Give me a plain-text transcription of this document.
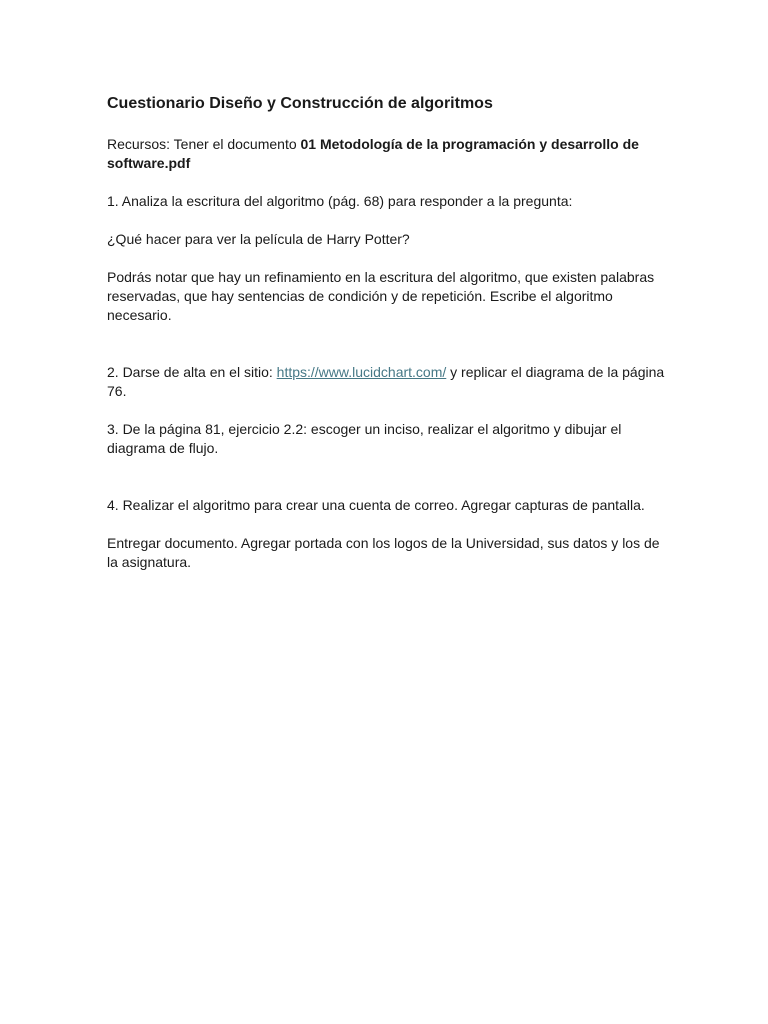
Cuestionario Diseño y Construcción de algoritmos

Recursos: Tener el documento 01 Metodología de la programación y desarrollo de software.pdf

1. Analiza la escritura del algoritmo (pág. 68) para responder a la pregunta:

¿Qué hacer para ver la película de Harry Potter?

Podrás notar que hay un refinamiento en la escritura del algoritmo, que existen palabras reservadas, que hay sentencias de condición y de repetición. Escribe el algoritmo necesario.

2. Darse de alta en el sitio: https://www.lucidchart.com/ y replicar el diagrama de la página 76.

3. De la página 81, ejercicio 2.2: escoger un inciso, realizar el algoritmo y dibujar el diagrama de flujo.

4. Realizar el algoritmo para crear una cuenta de correo. Agregar capturas de pantalla.

Entregar documento. Agregar portada con los logos de la Universidad, sus datos y los de la asignatura.
